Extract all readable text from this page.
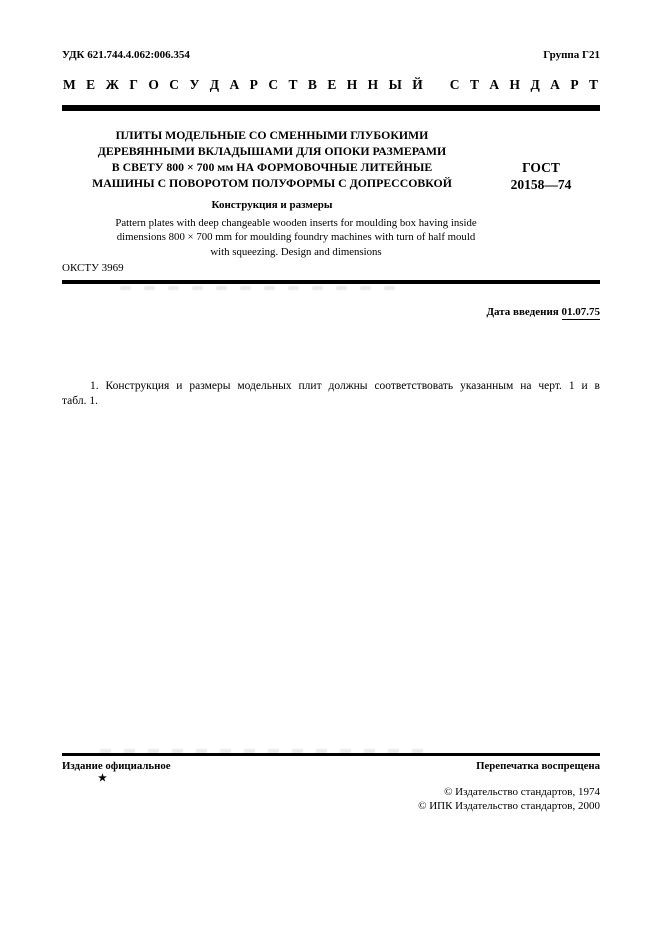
УДК 621.744.4.062:006.354	Группа Г21
М Е Ж Г О С У Д А Р С Т В Е Н Н Ы Й  С Т А Н Д А Р Т
ПЛИТЫ МОДЕЛЬНЫЕ СО СМЕННЫМИ ГЛУБОКИМИ
ДЕРЕВЯННЫМИ ВКЛАДЫШАМИ ДЛЯ ОПОКИ РАЗМЕРАМИ
В СВЕТУ 800 × 700 мм НА ФОРМОВОЧНЫЕ ЛИТЕЙНЫЕ
МАШИНЫ С ПОВОРОТОМ ПОЛУФОРМЫ С ДОПРЕССОВКОЙ
Конструкция и размеры
ГОСТ
20158—74
Pattern plates with deep changeable wooden inserts for moulding box having inside
dimensions 800 × 700 mm for moulding foundry machines with turn of half mould
with squeezing. Design and dimensions
ОКСТУ 3969
Дата введения 01.07.75
1. Конструкция и размеры модельных плит должны соответствовать указанным на черт. 1 и в
табл. 1.
Издание официальное
★
Перепечатка воспрещена
© Издательство стандартов, 1974
© ИПК Издательство стандартов, 2000
